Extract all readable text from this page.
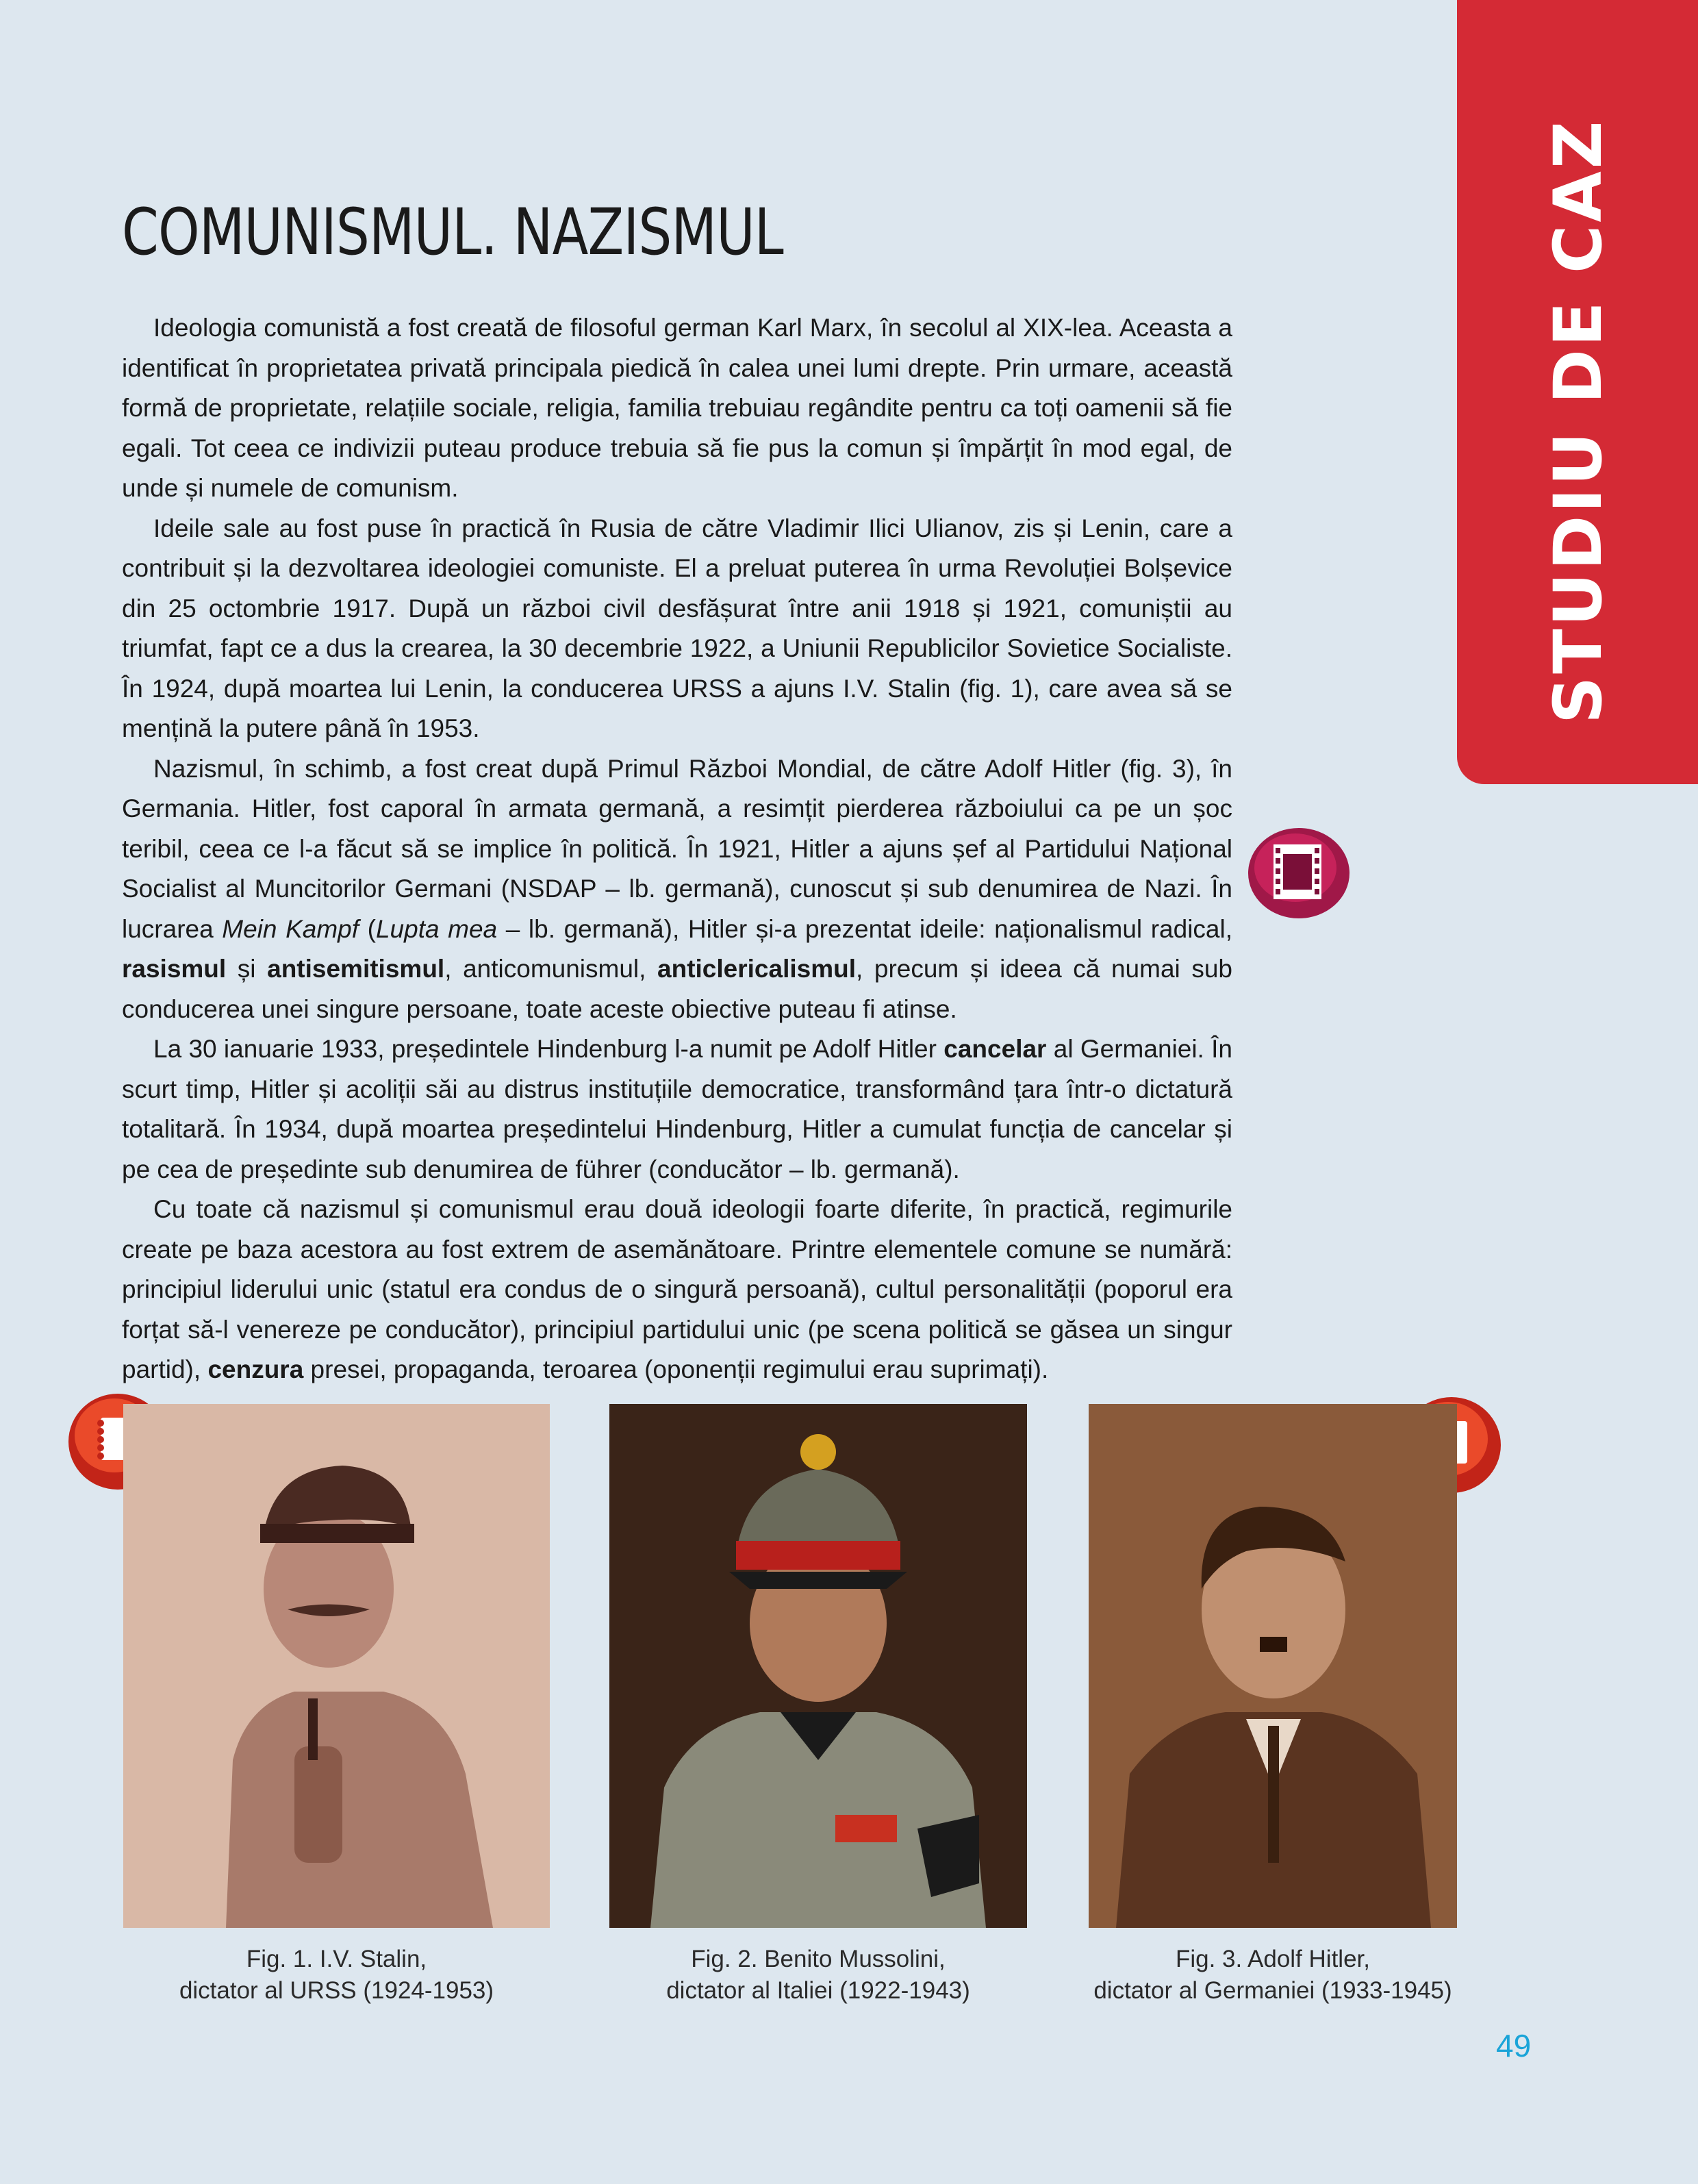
STUDIU DE CAZ
COMUNISMUL. NAZISMUL

Ideologia comunistă a fost creată de filosoful german Karl Marx, în secolul al XIX-lea. Aceasta a identificat în proprietatea privată principala piedică în calea unei lumi drepte. Prin urmare, această formă de proprietate, relațiile sociale, religia, familia trebuiau regândite pentru ca toți oamenii să fie egali. Tot ceea ce indivizii puteau produce trebuia să fie pus la comun și împărțit în mod egal, de unde și numele de comunism.

Ideile sale au fost puse în practică în Rusia de către Vladimir Ilici Ulianov, zis și Lenin, care a contribuit și la dezvoltarea ideologiei comuniste. El a preluat puterea în urma Revoluției Bolșevice din 25 octombrie 1917. După un război civil desfășurat între anii 1918 și 1921, comuniștii au triumfat, fapt ce a dus la crearea, la 30 decembrie 1922, a Uniunii Republicilor Sovietice Socialiste. În 1924, după moartea lui Lenin, la conducerea URSS a ajuns I.V. Stalin (fig. 1), care avea să se mențină la putere până în 1953.

Nazismul, în schimb, a fost creat după Primul Război Mondial, de către Adolf Hitler (fig. 3), în Germania. Hitler, fost caporal în armata germană, a resimțit pierderea războiului ca pe un șoc teribil, ceea ce l-a făcut să se implice în politică. În 1921, Hitler a ajuns șef al Partidului Național Socialist al Muncitorilor Germani (NSDAP – lb. germană), cunoscut și sub denumirea de Nazi. În lucrarea Mein Kampf (Lupta mea – lb. germană), Hitler și-a prezentat ideile: naționalismul radical, rasismul și antisemitismul, anticomunismul, anticlericalismul, precum și ideea că numai sub conducerea unei singure persoane, toate aceste obiective puteau fi atinse.

La 30 ianuarie 1933, președintele Hindenburg l-a numit pe Adolf Hitler cancelar al Germaniei. În scurt timp, Hitler și acoliții săi au distrus instituțiile democratice, transformând țara într-o dictatură totalitară. În 1934, după moartea președintelui Hindenburg, Hitler a cumulat funcția de cancelar și pe cea de președinte sub denumirea de führer (conducător – lb. germană).

Cu toate că nazismul și comunismul erau două ideologii foarte diferite, în practică, regimurile create pe baza acestora au fost extrem de asemănătoare. Printre elementele comune se numără: principiul liderului unic (statul era condus de o singură persoană), cultul personalității (poporul era forțat să-l venereze pe conducător), principiul partidului unic (pe scena politică se găsea un singur partid), cenzura presei, propaganda, teroarea (oponenții regimului erau suprimați).

Fig. 1. I.V. Stalin,
dictator al URSS (1924-1953)
Fig. 2. Benito Mussolini,
dictator al Italiei (1922-1943)
Fig. 3. Adolf Hitler,
dictator al Germaniei (1933-1945)
49
